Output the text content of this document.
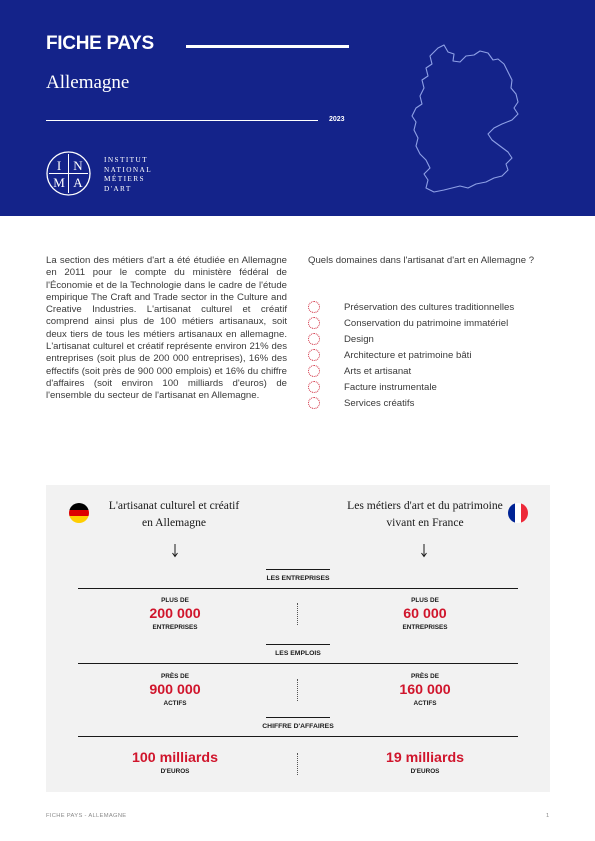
FICHE PAYS
Allemagne
2023
I N
M A
INSTITUT
NATIONAL
MÉTIERS
D'ART
La section des métiers d'art a été étudiée en Allemagne en 2011 pour le compte du ministère fédéral de l'Économie et de la Technologie dans le cadre de l'étude empirique The Craft and Trade sector in the Culture and Creative Industries. L'artisanat culturel et créatif comprend ainsi plus de 100 métiers artisanaux, soit deux tiers de tous les métiers artisanaux en allemagne. L'artisanat culturel et créatif représente environ 21% des entreprises (soit plus de 200 000 entreprises), 16% des effectifs (soit près de 900 000 emplois) et 16% du chiffre d'affaires (soit environ 100 milliards d'euros) de l'ensemble du secteur de l'artisanat en Allemagne.
Quels domaines dans l'artisanat d'art en Allemagne ?
Préservation des cultures traditionnelles
Conservation du patrimoine immatériel
Design
Architecture et patrimoine bâti
Arts et artisanat
Facture instrumentale
Services créatifs
L'artisanat culturel et créatif en Allemagne
Les métiers d'art et du patrimoine vivant en France
LES ENTREPRISES
PLUS DE
200 000
ENTREPRISES
PLUS DE
60 000
ENTREPRISES
LES EMPLOIS
PRÈS DE
900 000
ACTIFS
PRÈS DE
160 000
ACTIFS
CHIFFRE D'AFFAIRES
100 milliards
D'EUROS
19 milliards
D'EUROS
FICHE PAYS - ALLEMAGNE	1
